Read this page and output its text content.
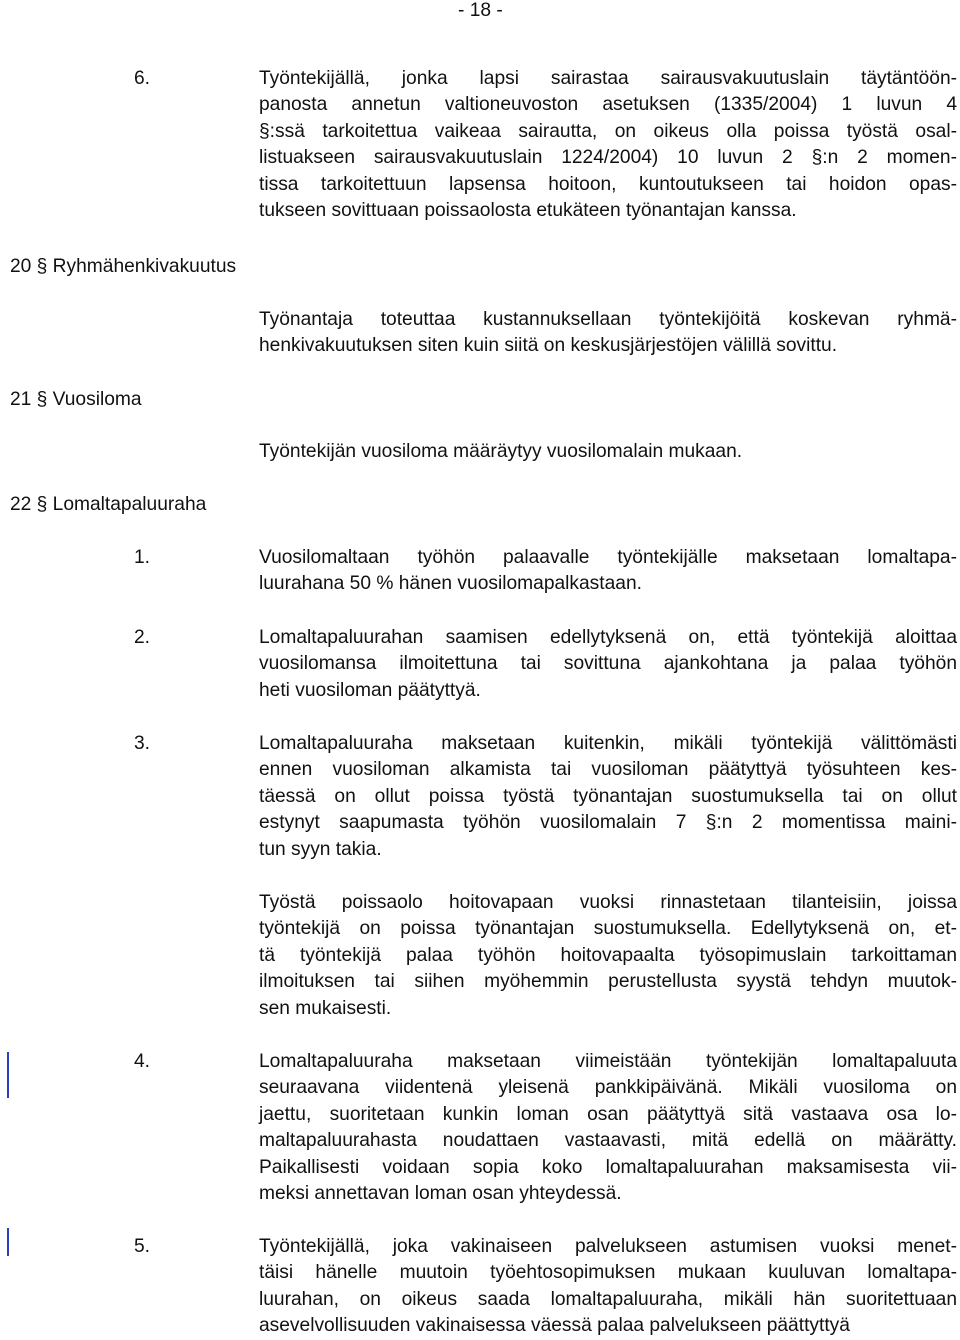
- 18 -
6.	Työntekijällä, jonka lapsi sairastaa sairausvakuutuslain täytäntöön-
panosta annetun valtioneuvoston asetuksen (1335/2004) 1 luvun 4
§:ssä tarkoitettua vaikeaa sairautta, on oikeus olla poissa työstä osal-
listuakseen sairausvakuutuslain 1224/2004) 10 luvun 2 §:n 2 momen-
tissa tarkoitettuun lapsensa hoitoon, kuntoutukseen tai hoidon opas-
tukseen sovittuaan poissaolosta etukäteen työnantajan kanssa.
20 § Ryhmähenkivakuutus
Työnantaja toteuttaa kustannuksellaan työntekijöitä koskevan ryhmä-
henkivakuutuksen siten kuin siitä on keskusjärjestöjen välillä sovittu.
21 § Vuosiloma
Työntekijän vuosiloma määräytyy vuosilomalain mukaan.
22 § Lomaltapaluuraha
1.	Vuosilomaltaan työhön palaavalle työntekijälle maksetaan lomaltapa-
luurahana 50 % hänen vuosilomapalkastaan.
2.	Lomaltapaluurahan saamisen edellytyksenä on, että työntekijä aloittaa
vuosilomansa ilmoitettuna tai sovittuna ajankohtana ja palaa työhön
heti vuosiloman päätyttyä.
3.	Lomaltapaluuraha maksetaan kuitenkin, mikäli työntekijä välittömästi
ennen vuosiloman alkamista tai vuosiloman päätyttyä työsuhteen kes-
täessä on ollut poissa työstä työnantajan suostumuksella tai on ollut
estynyt saapumasta työhön vuosilomalain 7 §:n 2 momentissa maini-
tun syyn takia.
Työstä poissaolo hoitovapaan vuoksi rinnastetaan tilanteisiin, joissa
työntekijä on poissa työnantajan suostumuksella. Edellytyksenä on, et-
tä työntekijä palaa työhön hoitovapaalta työsopimuslain tarkoittaman
ilmoituksen tai siihen myöhemmin perustellusta syystä tehdyn muutok-
sen mukaisesti.
4.	Lomaltapaluuraha maksetaan viimeistään työntekijän lomaltapaluuta
seuraavana viidentenä yleisenä pankkipäivänä. Mikäli vuosiloma on
jaettu, suoritetaan kunkin loman osan päätyttyä sitä vastaava osa lo-
maltapaluurahasta noudattaen vastaavasti, mitä edellä on määrätty.
Paikallisesti voidaan sopia koko lomaltapaluurahan maksamisesta vii-
meksi annettavan loman osan yhteydessä.
5.	Työntekijällä, joka vakinaiseen palvelukseen astumisen vuoksi menet-
täisi hänelle muutoin työehtosopimuksen mukaan kuuluvan lomaltapa-
luurahan, on oikeus saada lomaltapaluuraha, mikäli hän suoritettuaan
asevelvollisuuden vakinaisessa väessä palaa palvelukseen päättyttyä
